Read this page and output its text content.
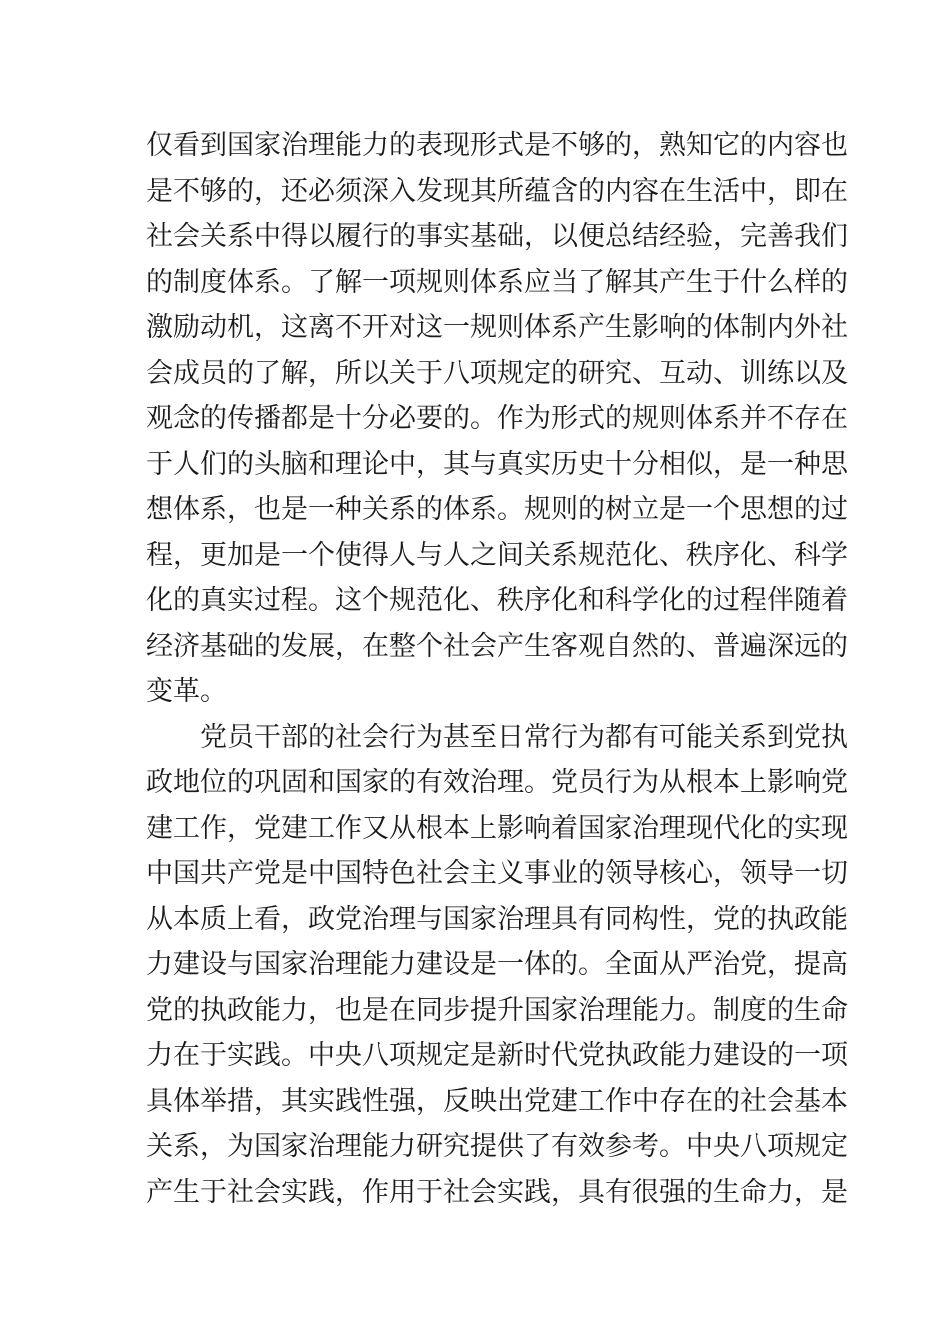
仅看到国家治理能力的表现形式是不够的，熟知它的内容也
是不够的，还必须深入发现其所蕴含的内容在生活中，即在
社会关系中得以履行的事实基础，以便总结经验，完善我们
的制度体系。了解一项规则体系应当了解其产生于什么样的
激励动机，这离不开对这一规则体系产生影响的体制内外社
会成员的了解，所以关于八项规定的研究、互动、训练以及
观念的传播都是十分必要的。作为形式的规则体系并不存在
于人们的头脑和理论中，其与真实历史十分相似，是一种思
想体系，也是一种关系的体系。规则的树立是一个思想的过
程，更加是一个使得人与人之间关系规范化、秩序化、科学
化的真实过程。这个规范化、秩序化和科学化的过程伴随着
经济基础的发展，在整个社会产生客观自然的、普遍深远的
变革。
党员干部的社会行为甚至日常行为都有可能关系到党执
政地位的巩固和国家的有效治理。党员行为从根本上影响党
建工作，党建工作又从根本上影响着国家治理现代化的实现
中国共产党是中国特色社会主义事业的领导核心，领导一切
从本质上看，政党治理与国家治理具有同构性，党的执政能
力建设与国家治理能力建设是一体的。全面从严治党，提高
党的执政能力，也是在同步提升国家治理能力。制度的生命
力在于实践。中央八项规定是新时代党执政能力建设的一项
具体举措，其实践性强，反映出党建工作中存在的社会基本
关系，为国家治理能力研究提供了有效参考。中央八项规定
产生于社会实践，作用于社会实践，具有很强的生命力，是
